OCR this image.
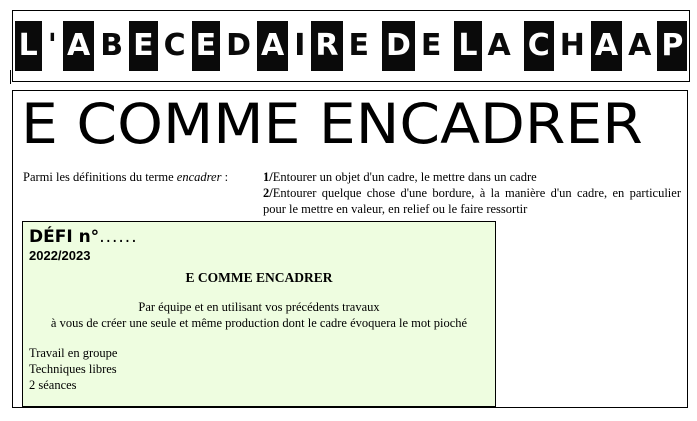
L ' A B E C E D A I R E D E L A C H A A P
E COMME ENCADRER
Parmi les définitions du terme encadrer :	1/Entourer un objet d'un cadre, le mettre dans un cadre
2/Entourer quelque chose d'une bordure, à la manière d'un cadre, en particulier pour le mettre en valeur, en relief ou le faire ressortir
DÉFI n°......
2022/2023
E COMME ENCADRER
Par équipe et en utilisant vos précédents travaux
à vous de créer une seule et même production dont le cadre évoquera le mot pioché
Travail en groupe
Techniques libres
2 séances
